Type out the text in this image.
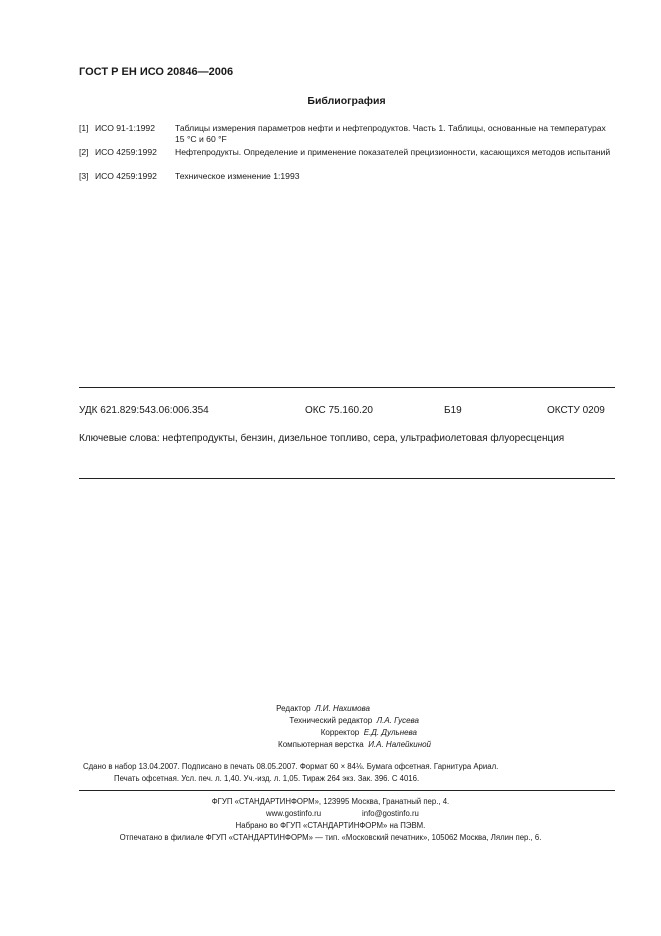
ГОСТ Р ЕН ИСО 20846—2006
Библиография
[1] ИСО 91-1:1992 Таблицы измерения параметров нефти и нефтепродуктов. Часть 1. Таблицы, основанные на температурах 15 °C и 60 °F
[2] ИСО 4259:1992 Нефтепродукты. Определение и применение показателей прецизионности, касающихся методов испытаний
[3] ИСО 4259:1992 Техническое изменение 1:1993
УДК 621.829:543.06:006.354	ОКС 75.160.20	Б19	ОКСТУ 0209
Ключевые слова: нефтепродукты, бензин, дизельное топливо, сера, ультрафиолетовая флуоресценция
Редактор Л.И. Нахимова
Технический редактор Л.А. Гусева
Корректор Е.Д. Дульнева
Компьютерная верстка И.А. Налейкиной
Сдано в набор 13.04.2007. Подписано в печать 08.05.2007. Формат 60 × 84⅛. Бумага офсетная. Гарнитура Ариал.
Печать офсетная. Усл. печ. л. 1,40. Уч.-изд. л. 1,05. Тираж 264 экз. Зак. 396. С 4016.
ФГУП «СТАНДАРТИНФОРМ», 123995 Москва, Гранатный пер., 4.
www.gostinfo.ru	info@gostinfo.ru
Набрано во ФГУП «СТАНДАРТИНФОРМ» на ПЭВМ.
Отпечатано в филиале ФГУП «СТАНДАРТИНФОРМ» — тип. «Московский печатник», 105062 Москва, Лялин пер., 6.
